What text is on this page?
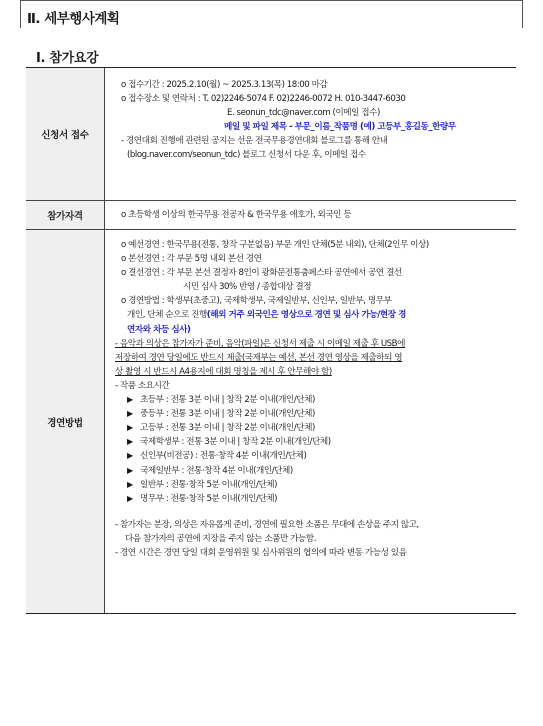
Ⅱ. 세부행사계획
Ⅰ. 참가요강
신청서 접수
o 접수기간 : 2025.2.10(월) ~ 2025.3.13(목) 18:00 마감
o 접수장소 및 연락처 : T. 02)2246-5074 F. 02)2246-0072 H. 010-3447-6030
E. seonun_tdc@naver.com (이메일 접수)
메일 및 파일 제목 - 부문_이름_작품명 (예) 고등부_홍길동_한량무
- 경연대회 진행에 관련된 공지는 선운 전국무용경연대회 블로그를 통해 안내
(blog.naver.com/seonun_tdc) 블로그 신청서 다운 후, 이메일 접수
참가자격	o 초등학생 이상의 한국무용 전공자 & 한국무용 애호가, 외국인 등
경연방법
o 예선경연 : 한국무용(전통, 창작 구분없음) 부문 개인 단체(5분 내외), 단체(2인무 이상)
o 본선경연 : 각 부문 5명 내외 본선 경연
o 결선경연 : 각 부문 본선 결정자 8인이 광화문전통춤페스타 공연에서 공연 결선
시민 심사 30% 반영 / 종합대상 결정
o 경연방법 : 학생부(초중고), 국제학생부, 국제일반부, 신인부, 일반부, 명무부
개인, 단체 순으로 진행(해외 거주 외국인은 영상으로 경연 및 심사 가능/현장 경
연자와 차등 심사)
- 음악과 의상은 참가자가 준비, 음악(파일)은 신청서 제출 시 이메일 제출 후 USB에
저장하여 경연 당일에도 반드시 제출(국제부는 예선, 본선 경연 영상을 제출하되 영
상 촬영 시 반드시 A4용지에 대회 명칭을 제시 후 안무해야 함)
- 작품 소요시간
▶ 초등부 : 전통 3분 이내 | 창작 2분 이내(개인/단체)
▶ 중등부 : 전통 3분 이내 | 창작 2분 이내(개인/단체)
▶ 고등부 : 전통 3분 이내 | 창작 2분 이내(개인/단체)
▶ 국제학생부 : 전통 3분 이내 | 창작 2분 이내(개인/단체)
▶ 신인부(비전공) : 전통·창작 4분 이내(개인/단체)
▶ 국제일반부 : 전통·창작 4분 이내(개인/단체)
▶ 일반부 : 전통·창작 5분 이내(개인/단체)
▶ 명무부 : 전통·창작 5분 이내(개인/단체)
- 참가자는 분장, 의상은 자유롭게 준비, 경연에 필요한 소품은 무대에 손상을 주지 않고,
다음 참가자의 공연에 지장을 주지 않는 소품만 가능함.
- 경연 시간은 경연 당일 대회 운영위원 및 심사위원의 협의에 따라 변동 가능성 있음
